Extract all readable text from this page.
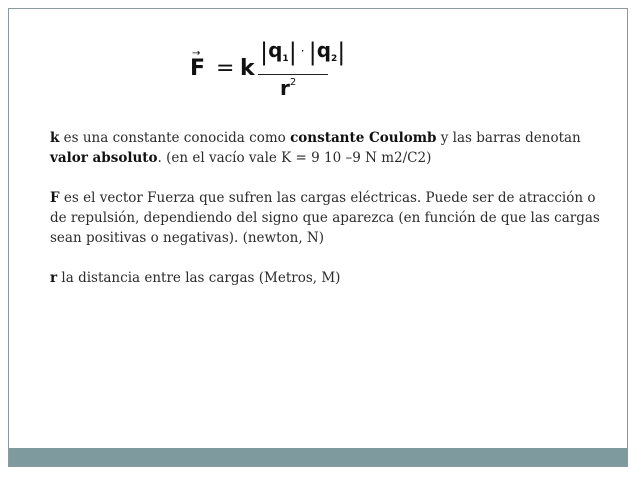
→
F = k
$|q_1| \cdot |q_2|$
$r^2$

k es una constante conocida como constante Coulomb y las barras denotan valor absoluto. (en el vacío vale K = 9 10 –9 N m2/C2)

F es el vector Fuerza que sufren las cargas eléctricas. Puede ser de atracción o de repulsión, dependiendo del signo que aparezca (en función de que las cargas sean positivas o negativas). (newton, N)

r la distancia entre las cargas (Metros, M)
